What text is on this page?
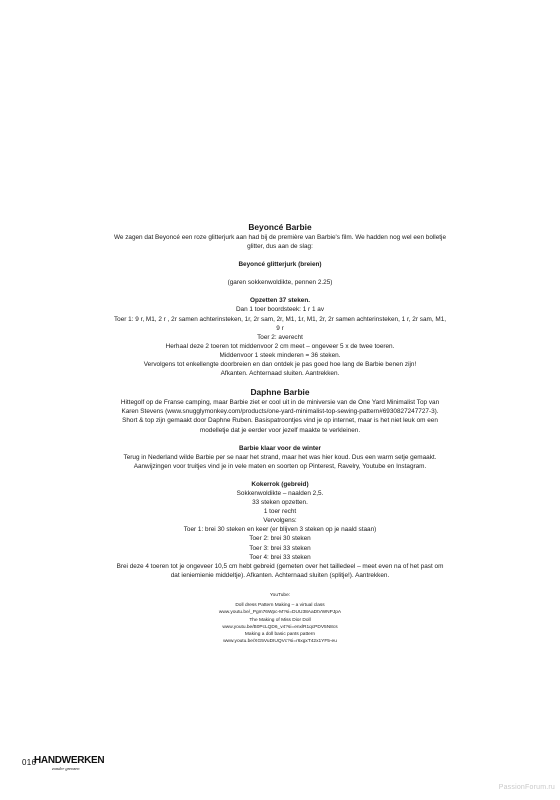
Beyoncé Barbie

We zagen dat Beyoncé een roze glitterjurk aan had bij de première van Barbie's film. We hadden nog wel een bolletje

glitter, dus aan de slag:

Beyoncé glitterjurk (breien)

(garen sokkenwoldikte, pennen 2.25)

Opzetten 37 steken.

Dan 1 toer boordsteek: 1 r 1 av

Toer 1: 9 r, M1, 2 r , 2r samen achterinsteken, 1r, 2r sam, 2r, M1, 1r, M1, 2r, 2r samen achterinsteken, 1 r, 2r sam, M1,

9 r

Toer 2: averecht

Herhaal deze 2 toeren tot middenvoor 2 cm meet – ongeveer 5 x de twee toeren.

Middenvoor 1 steek minderen = 36 steken.

Vervolgens tot enkellengte doorbreien en dan ontdek je pas goed hoe lang de Barbie benen zijn!

Afkanten. Achternaad sluiten. Aantrekken.

Daphne Barbie

Hittegolf op de Franse camping, maar Barbie ziet er cool uit in de miniversie van de One Yard Minimalist Top van

Karen Stevens (www.snugglymonkey.com/products/one-yard-minimalist-top-sewing-pattern#6930827247727-3).

Short & top zijn gemaakt door Daphne Ruben. Basispatroontjes vind je op internet, maar is het niet leuk om een

modelletje dat je eerder voor jezelf maakte te verkleinen.

Barbie klaar voor de winter

Terug in Nederland wilde Barbie per se naar het strand, maar het was hier koud. Dus een warm setje gemaakt.

Aanwijzingen voor truitjes vind je in vele maten en soorten op Pinterest, Ravelry, Youtube en Instagram.

Kokerrok (gebreid)

Sokkenwoldikte – naalden 2,5.

33 steken opzetten.

1 toer recht

Vervolgens:

Toer 1: brei 30 steken en keer (er blijven 3 steken op je naald staan)

Toer 2: brei 30 steken

Toer 3: brei 33 steken

Toer 4: brei 33 steken

Brei deze 4 toeren tot je ongeveer 10,5 cm hebt gebreid (gemeten over het tailledeel – meet even na of het past om

dat ieniemienie middeltje). Afkanten. Achternaad sluiten (splitje!). Aantrekken.

YouTube:

Doll dress Pattern Making – a virtual class

www.youtu.be/_Pgm76Wpc-M?si=DUU38AaDtVWNPJpA

The Making of Miss Dior Doll

www.youtu.be/B0PcLQD6_v4?si=enxlR1qcPDV5N8cs

Making a doll basic pants pattern

www.youtu.be/XG5VuDIUQVc?si=r6xgxT42x1YF5-eu

016
HANDWERKEN
zonder grenzen
PassionForum.ru
